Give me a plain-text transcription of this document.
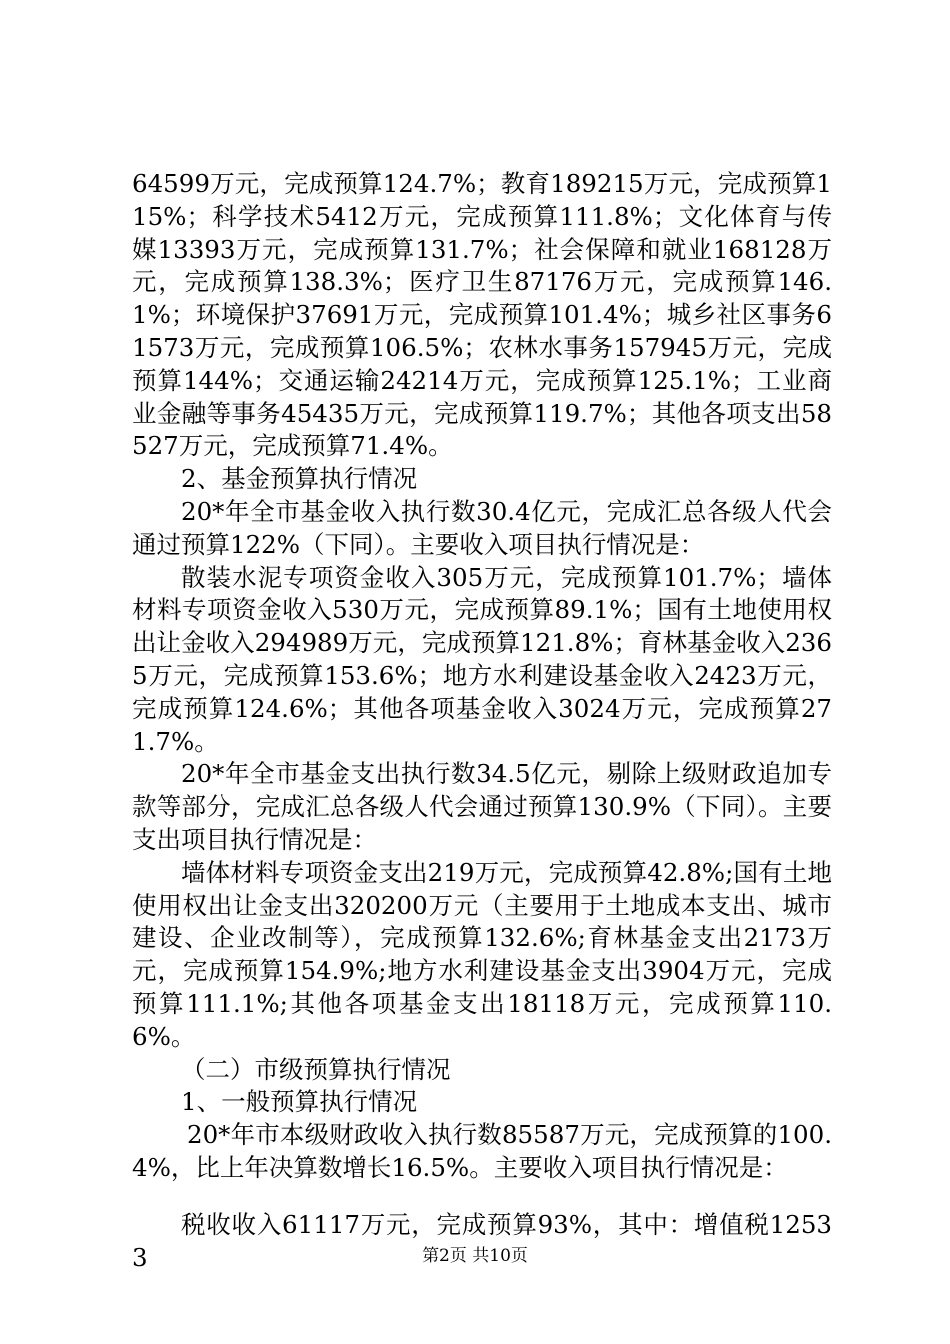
64599万元，完成预算124.7%；教育189215万元，完成预算115%；科学技术5412万元，完成预算111.8%；文化体育与传媒13393万元，完成预算131.7%；社会保障和就业168128万元，完成预算138.3%；医疗卫生87176万元，完成预算146.1%；环境保护37691万元，完成预算101.4%；城乡社区事务61573万元，完成预算106.5%；农林水事务157945万元，完成预算144%；交通运输24214万元，完成预算125.1%；工业商业金融等事务45435万元，完成预算119.7%；其他各项支出58527万元，完成预算71.4%。

2、基金预算执行情况

20*年全市基金收入执行数30.4亿元，完成汇总各级人代会通过预算122%（下同）。主要收入项目执行情况是：

散装水泥专项资金收入305万元，完成预算101.7%；墙体材料专项资金收入530万元，完成预算89.1%；国有土地使用权出让金收入294989万元，完成预算121.8%；育林基金收入2365万元，完成预算153.6%；地方水利建设基金收入2423万元，完成预算124.6%；其他各项基金收入3024万元，完成预算271.7%。

20*年全市基金支出执行数34.5亿元，剔除上级财政追加专款等部分，完成汇总各级人代会通过预算130.9%（下同）。主要支出项目执行情况是：

墙体材料专项资金支出219万元，完成预算42.8%;国有土地使用权出让金支出320200万元（主要用于土地成本支出、城市建设、企业改制等），完成预算132.6%;育林基金支出2173万元，完成预算154.9%;地方水利建设基金支出3904万元，完成预算111.1%;其他各项基金支出18118万元，完成预算110.6%。

（二）市级预算执行情况

1、一般预算执行情况

20*年市本级财政收入执行数85587万元，完成预算的100.4%，比上年决算数增长16.5%。主要收入项目执行情况是：

税收收入61117万元，完成预算93%，其中：增值税12533	第2页 共10页
